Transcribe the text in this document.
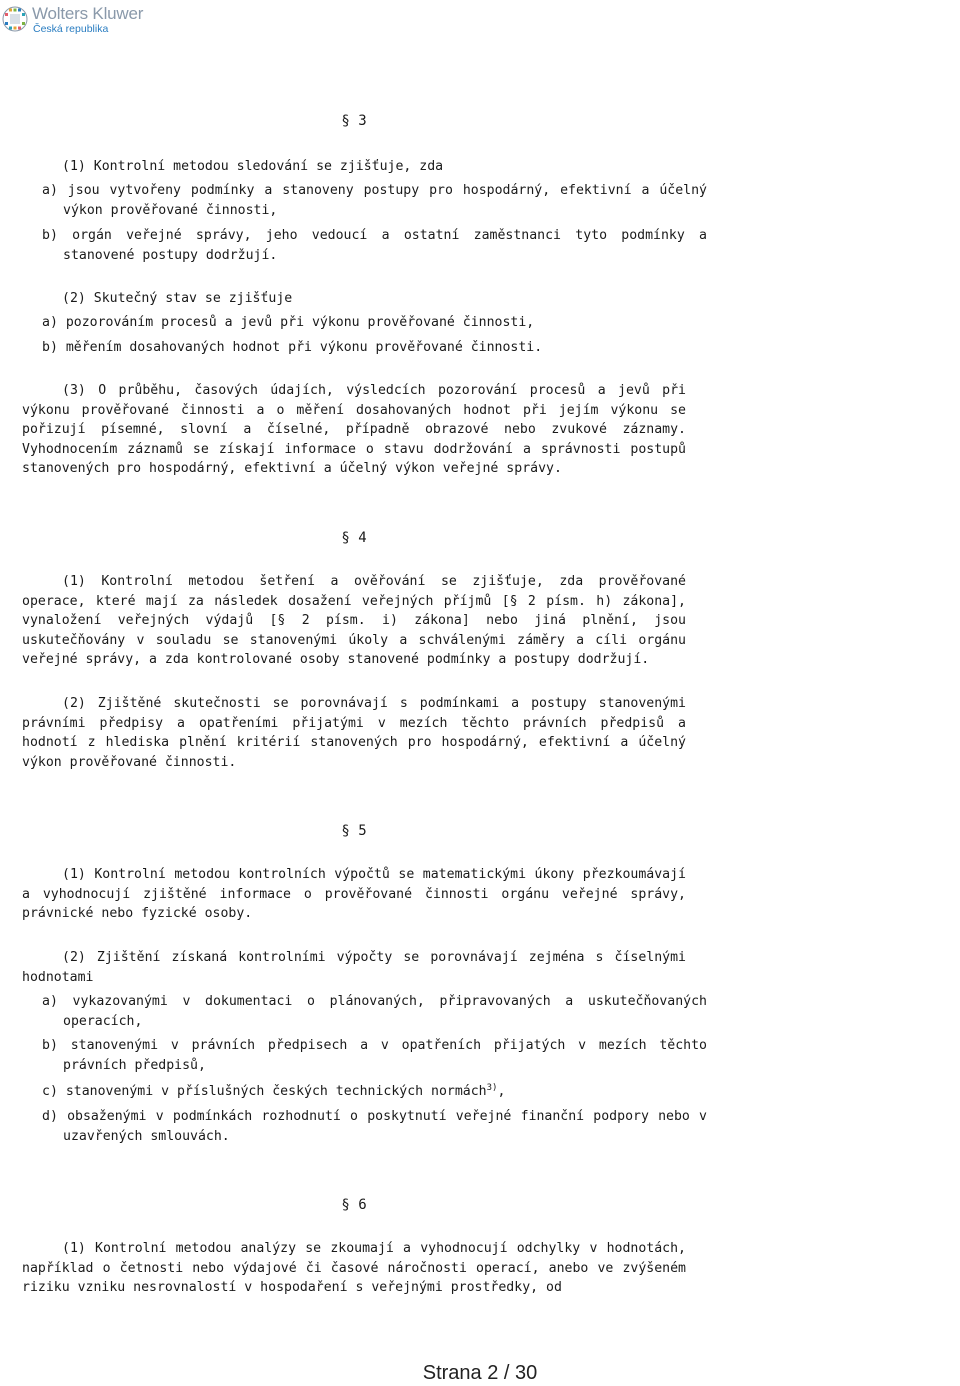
Wolters Kluwer
Česká republika
§ 3
(1) Kontrolní metodou sledování se zjišťuje, zda
a) jsou vytvořeny podmínky a stanoveny postupy pro hospodárný, efektivní a účelný výkon prověřované činnosti,
b) orgán veřejné správy, jeho vedoucí a ostatní zaměstnanci tyto podmínky a stanovené postupy dodržují.
(2) Skutečný stav se zjišťuje
a) pozorováním procesů a jevů při výkonu prověřované činnosti,
b) měřením dosahovaných hodnot při výkonu prověřované činnosti.
(3) O průběhu, časových údajích, výsledcích pozorování procesů a jevů při výkonu prověřované činnosti a o měření dosahovaných hodnot při jejím výkonu se pořizují písemné, slovní a číselné, případně obrazové nebo zvukové záznamy. Vyhodnocením záznamů se získají informace o stavu dodržování a správnosti postupů stanovených pro hospodárný, efektivní a účelný výkon veřejné správy.
§ 4
(1) Kontrolní metodou šetření a ověřování se zjišťuje, zda prověřované operace, které mají za následek dosažení veřejných příjmů [§ 2 písm. h) zákona], vynaložení veřejných výdajů [§ 2 písm. i) zákona] nebo jiná plnění, jsou uskutečňovány v souladu se stanovenými úkoly a schválenými záměry a cíli orgánu veřejné správy, a zda kontrolované osoby stanovené podmínky a postupy dodržují.
(2) Zjištěné skutečnosti se porovnávají s podmínkami a postupy stanovenými právními předpisy a opatřeními přijatými v mezích těchto právních předpisů a hodnotí z hlediska plnění kritérií stanovených pro hospodárný, efektivní a účelný výkon prověřované činnosti.
§ 5
(1) Kontrolní metodou kontrolních výpočtů se matematickými úkony přezkoumávají a vyhodnocují zjištěné informace o prověřované činnosti orgánu veřejné správy, právnické nebo fyzické osoby.
(2) Zjištění získaná kontrolními výpočty se porovnávají zejména s číselnými hodnotami
a) vykazovanými v dokumentaci o plánovaných, připravovaných a uskutečňovaných operacích,
b) stanovenými v právních předpisech a v opatřeních přijatých v mezích těchto právních předpisů,
c) stanovenými v příslušných českých technických normách$^{3)}$,
d) obsaženými v podmínkách rozhodnutí o poskytnutí veřejné finanční podpory nebo v uzavřených smlouvách.
§ 6
(1) Kontrolní metodou analýzy se zkoumají a vyhodnocují odchylky v hodnotách, například o četnosti nebo výdajové či časové náročnosti operací, anebo ve zvýšeném riziku vzniku nesrovnalostí v hospodaření s veřejnými prostředky, od
Strana 2 / 30
